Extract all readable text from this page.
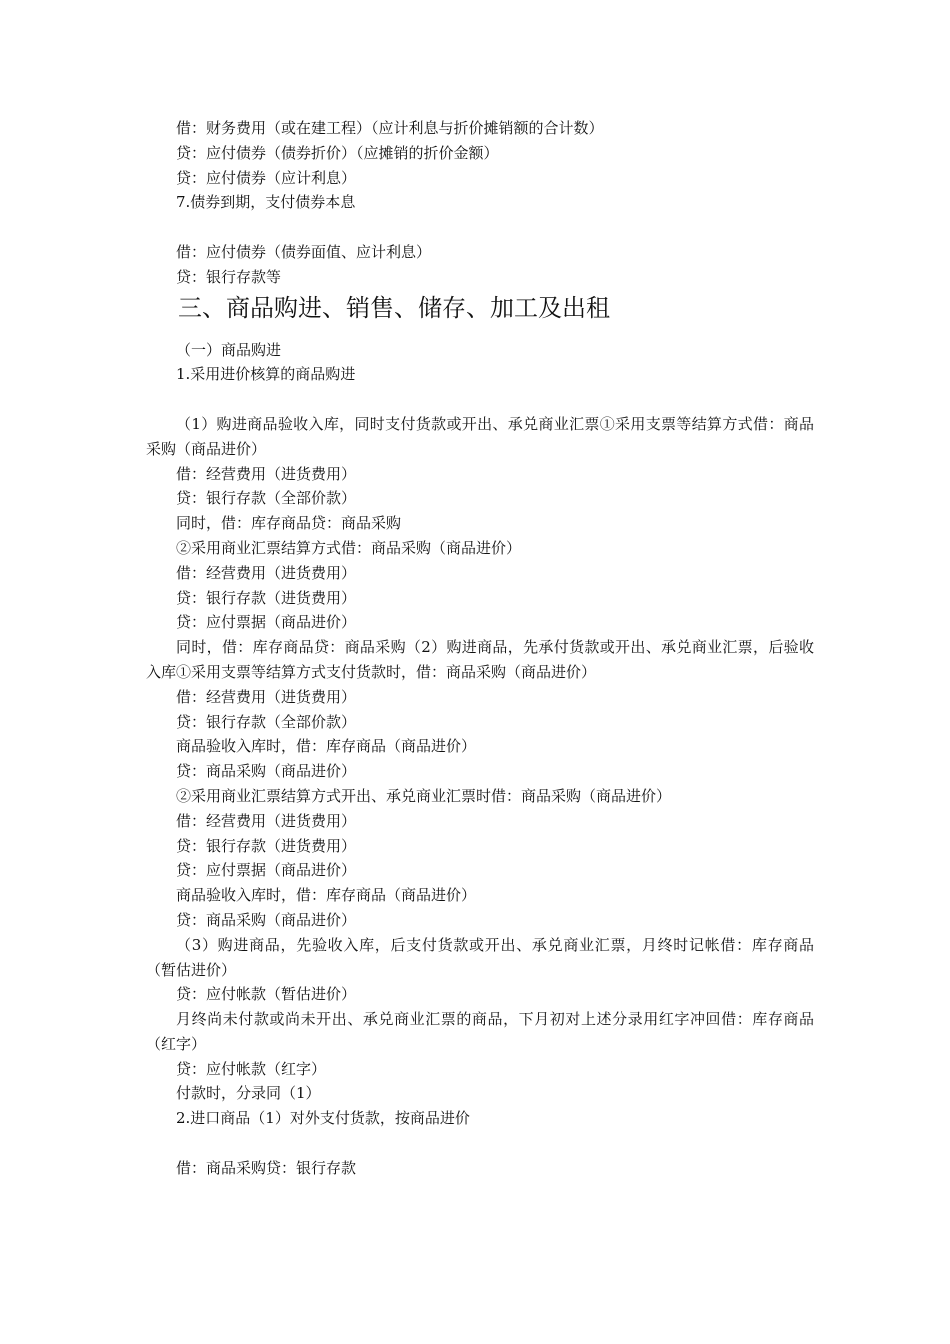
借：财务费用（或在建工程）（应计利息与折价摊销额的合计数）
贷：应付债券（债券折价）（应摊销的折价金额）
贷：应付债券（应计利息）
7.债券到期，支付债券本息
借：应付债券（债券面值、应计利息）
贷：银行存款等
三、商品购进、销售、储存、加工及出租
（一）商品购进
1.采用进价核算的商品购进
（1）购进商品验收入库，同时支付货款或开出、承兑商业汇票①采用支票等结算方式借：商品采购（商品进价）
借：经营费用（进货费用）
贷：银行存款（全部价款）
同时，借：库存商品贷：商品采购
②采用商业汇票结算方式借：商品采购（商品进价）
借：经营费用（进货费用）
贷：银行存款（进货费用）
贷：应付票据（商品进价）
同时，借：库存商品贷：商品采购（2）购进商品，先承付货款或开出、承兑商业汇票，后验收入库①采用支票等结算方式支付货款时，借：商品采购（商品进价）
借：经营费用（进货费用）
贷：银行存款（全部价款）
商品验收入库时，借：库存商品（商品进价）
贷：商品采购（商品进价）
②采用商业汇票结算方式开出、承兑商业汇票时借：商品采购（商品进价）
借：经营费用（进货费用）
贷：银行存款（进货费用）
贷：应付票据（商品进价）
商品验收入库时，借：库存商品（商品进价）
贷：商品采购（商品进价）
（3）购进商品，先验收入库，后支付货款或开出、承兑商业汇票，月终时记帐借：库存商品（暂估进价）
贷：应付帐款（暂估进价）
月终尚未付款或尚未开出、承兑商业汇票的商品，下月初对上述分录用红字冲回借：库存商品（红字）
贷：应付帐款（红字）
付款时，分录同（1）
2.进口商品（1）对外支付货款，按商品进价
借：商品采购贷：银行存款
